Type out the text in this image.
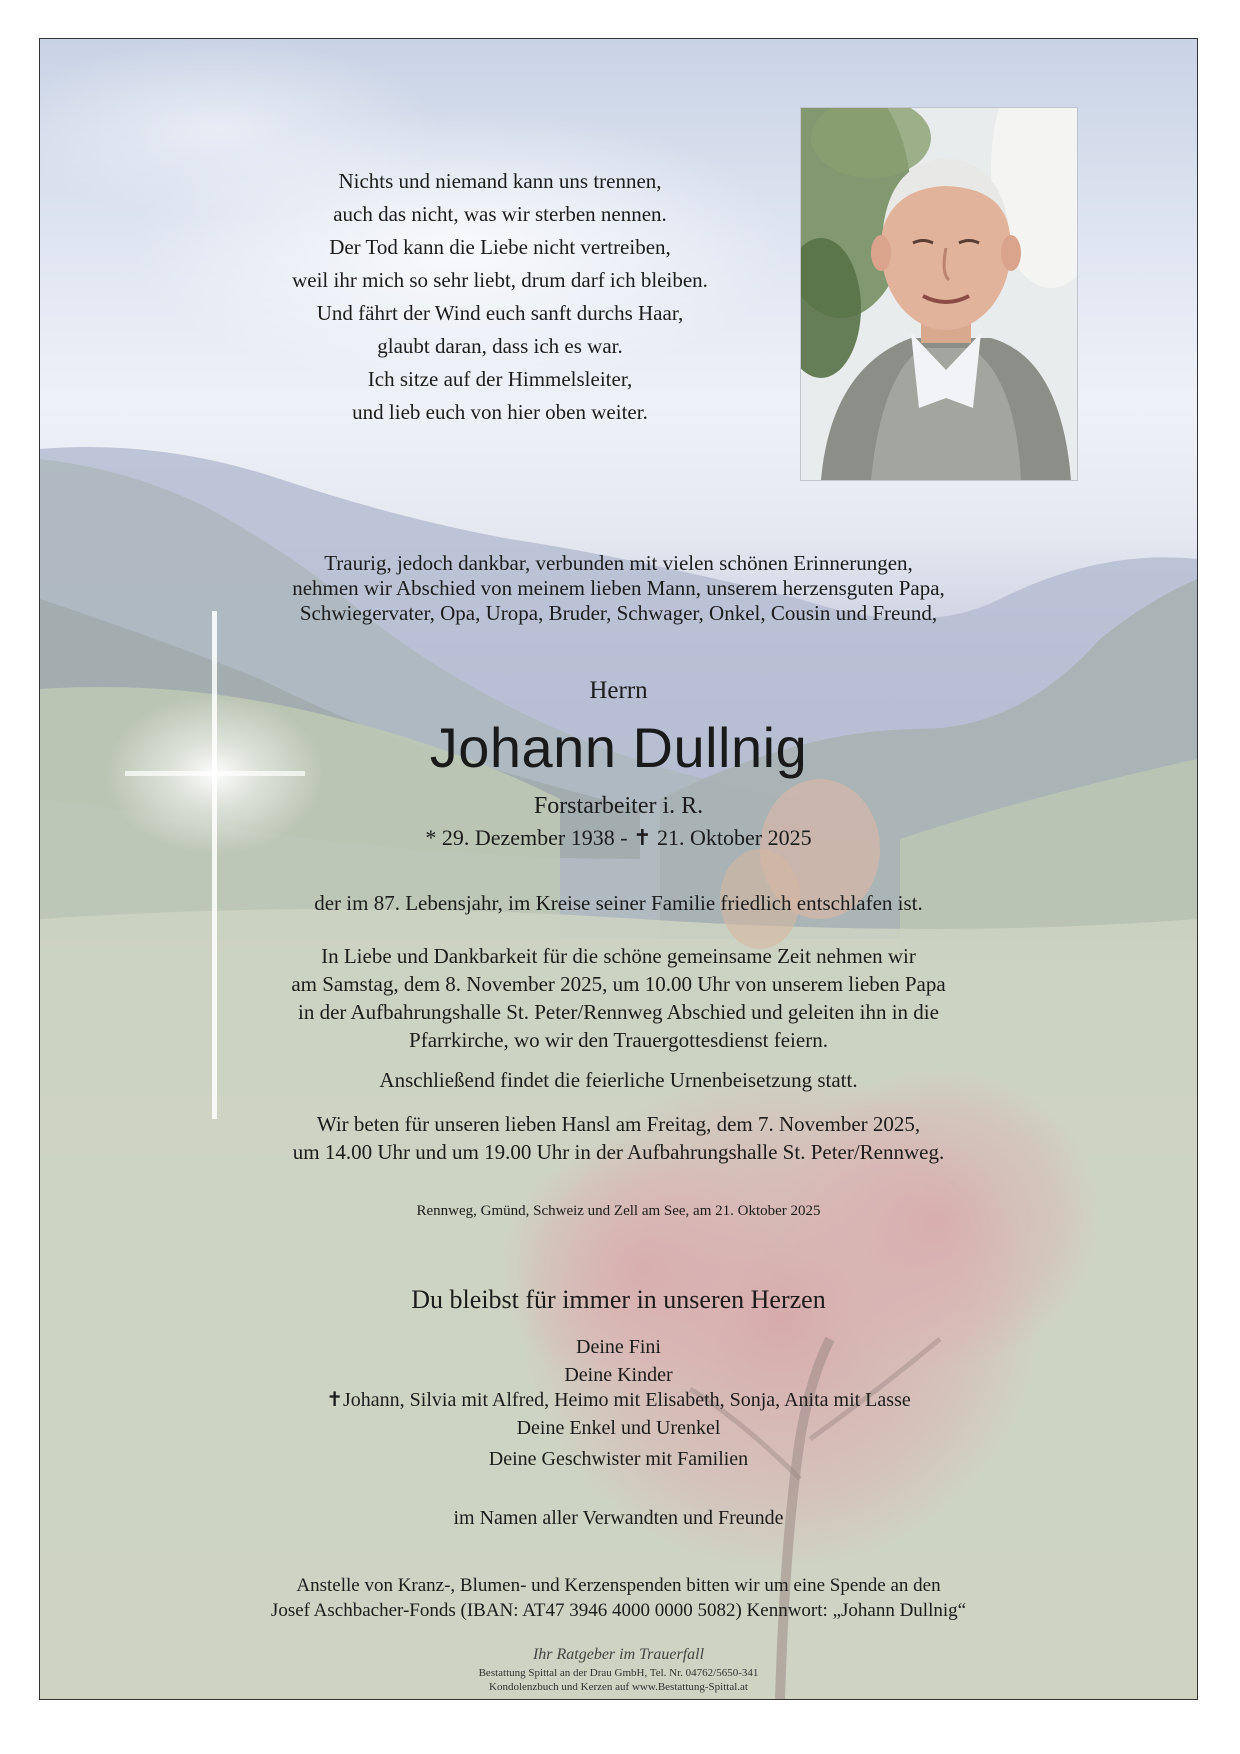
Nichts und niemand kann uns trennen,
auch das nicht, was wir sterben nennen.
Der Tod kann die Liebe nicht vertreiben,
weil ihr mich so sehr liebt, drum darf ich bleiben.
Und fährt der Wind euch sanft durchs Haar,
glaubt daran, dass ich es war.
Ich sitze auf der Himmelsleiter,
und lieb euch von hier oben weiter.
Traurig, jedoch dankbar, verbunden mit vielen schönen Erinnerungen,
nehmen wir Abschied von meinem lieben Mann, unserem herzensguten Papa,
Schwiegervater, Opa, Uropa, Bruder, Schwager, Onkel, Cousin und Freund,
Herrn
Johann Dullnig
Forstarbeiter i. R.
* 29. Dezember 1938 - ✝ 21. Oktober 2025
der im 87. Lebensjahr, im Kreise seiner Familie friedlich entschlafen ist.
In Liebe und Dankbarkeit für die schöne gemeinsame Zeit nehmen wir
am Samstag, dem 8. November 2025, um 10.00 Uhr von unserem lieben Papa
in der Aufbahrungshalle St. Peter/Rennweg Abschied und geleiten ihn in die
Pfarrkirche, wo wir den Trauergottesdienst feiern.
Anschließend findet die feierliche Urnenbeisetzung statt.
Wir beten für unseren lieben Hansl am Freitag, dem 7. November 2025,
um 14.00 Uhr und um 19.00 Uhr in der Aufbahrungshalle St. Peter/Rennweg.
Rennweg, Gmünd, Schweiz und Zell am See, am 21. Oktober 2025
Du bleibst für immer in unseren Herzen
Deine Fini
Deine Kinder
✝Johann, Silvia mit Alfred, Heimo mit Elisabeth, Sonja, Anita mit Lasse
Deine Enkel und Urenkel
Deine Geschwister mit Familien
im Namen aller Verwandten und Freunde
Anstelle von Kranz-, Blumen- und Kerzenspenden bitten wir um eine Spende an den
Josef Aschbacher-Fonds (IBAN: AT47 3946 4000 0000 5082) Kennwort: „Johann Dullnig“
Ihr Ratgeber im Trauerfall
Bestattung Spittal an der Drau GmbH, Tel. Nr. 04762/5650-341
Kondolenzbuch und Kerzen auf www.Bestattung-Spittal.at
